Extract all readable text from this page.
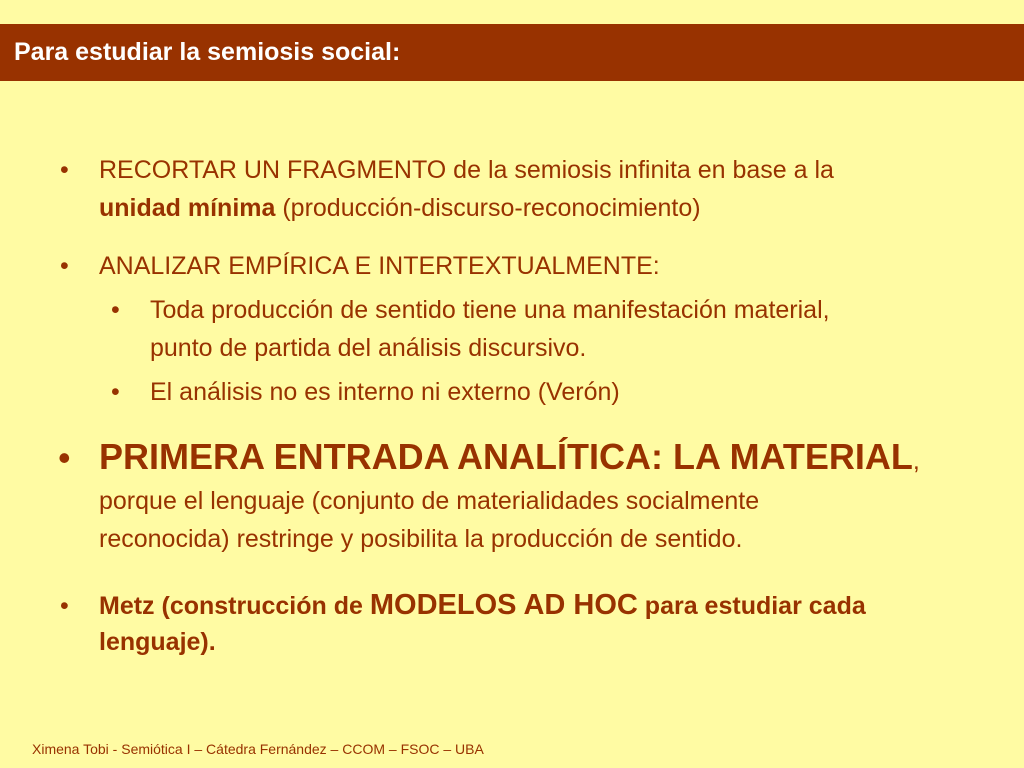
Para estudiar la semiosis social:
• RECORTAR UN FRAGMENTO de la semiosis infinita en base a la
unidad mínima (producción-discurso-reconocimiento)
• ANALIZAR EMPÍRICA E INTERTEXTUALMENTE:
• Toda producción de sentido tiene una manifestación material,
punto de partida del análisis discursivo.
• El análisis no es interno ni externo (Verón)
• PRIMERA ENTRADA ANALÍTICA: LA MATERIAL,
porque el lenguaje (conjunto de materialidades socialmente
reconocida) restringe y posibilita la producción de sentido.
• Metz (construcción de MODELOS AD HOC para estudiar cada
lenguaje).
Ximena Tobi - Semiótica I – Cátedra Fernández – CCOM – FSOC – UBA
